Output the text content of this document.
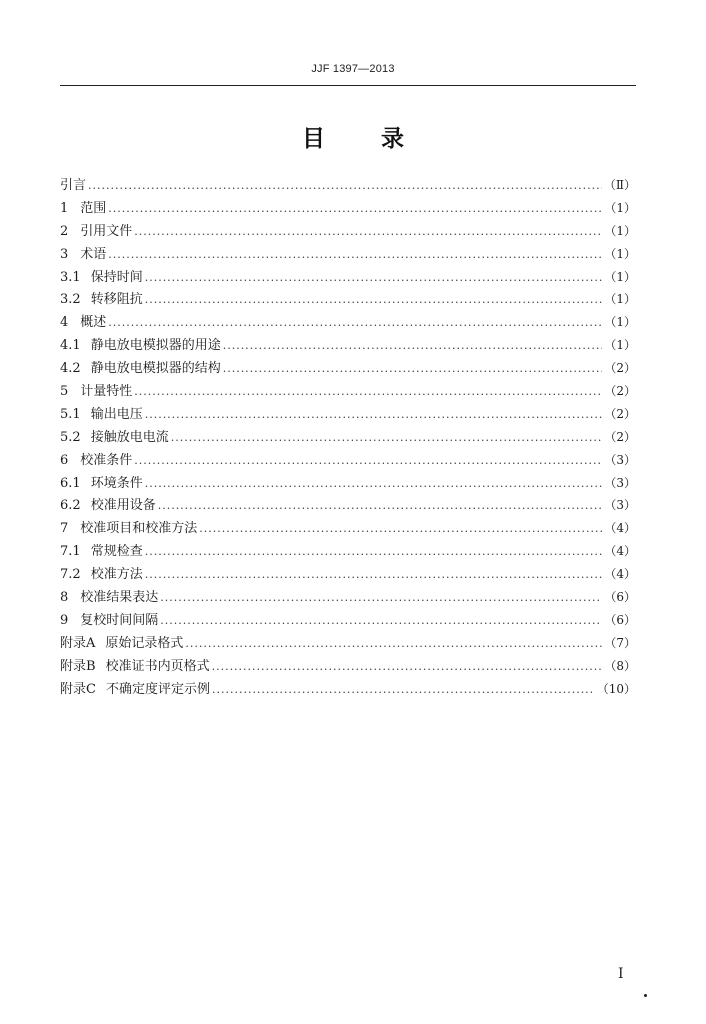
JJF 1397—2013
目录
引言 .....	（Ⅱ）
1 范围 .....	（1）
2 引用文件 .....	（1）
3 术语 .....	（1）
3.1 保持时间 .....	（1）
3.2 转移阻抗 .....	（1）
4 概述 .....	（1）
4.1 静电放电模拟器的用途 .....	（1）
4.2 静电放电模拟器的结构 .....	（2）
5 计量特性 .....	（2）
5.1 输出电压 .....	（2）
5.2 接触放电电流 .....	（2）
6 校准条件 .....	（3）
6.1 环境条件 .....	（3）
6.2 校准用设备 .....	（3）
7 校准项目和校准方法 .....	（4）
7.1 常规检查 .....	（4）
7.2 校准方法 .....	（4）
8 校准结果表达 .....	（6）
9 复校时间间隔 .....	（6）
附录A 原始记录格式 .....	（7）
附录B 校准证书内页格式 .....	（8）
附录C 不确定度评定示例 .....	（10）
Ⅰ
